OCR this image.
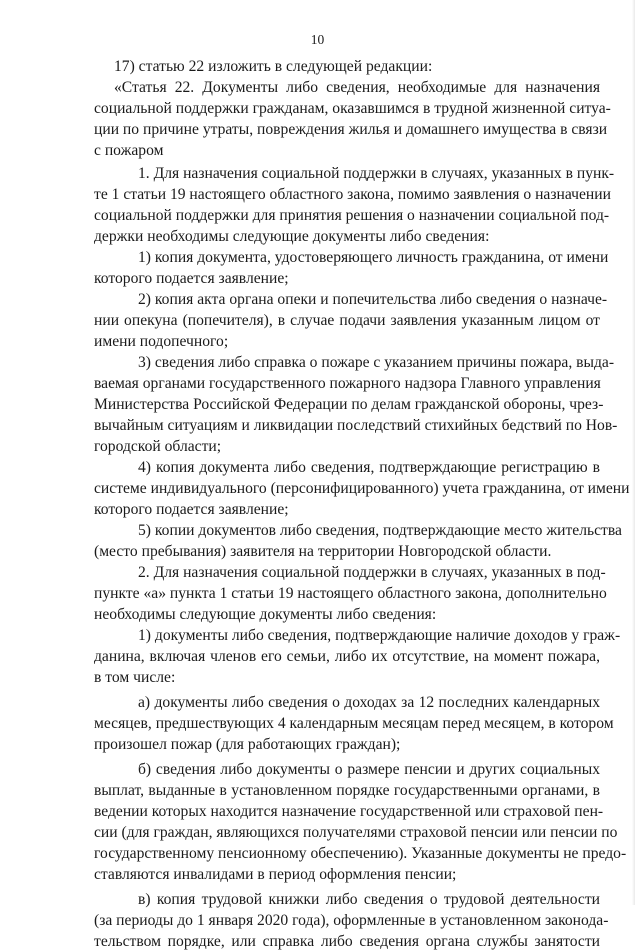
10
17) статью 22 изложить в следующей редакции:
«Статья 22. Документы либо сведения, необходимые для назначения
социальной поддержки гражданам, оказавшимся в трудной жизненной ситуа-
ции по причине утраты, повреждения жилья и домашнего имущества в связи
с пожаром
1. Для назначения социальной поддержки в случаях, указанных в пунк-
те 1 статьи 19 настоящего областного закона, помимо заявления о назначении
социальной поддержки для принятия решения о назначении социальной под-
держки необходимы следующие документы либо сведения:
1) копия документа, удостоверяющего личность гражданина, от имени
которого подается заявление;
2) копия акта органа опеки и попечительства либо сведения о назначе-
нии опекуна (попечителя), в случае подачи заявления указанным лицом от
имени подопечного;
3) сведения либо справка о пожаре с указанием причины пожара, выда-
ваемая органами государственного пожарного надзора Главного управления
Министерства Российской Федерации по делам гражданской обороны, чрез-
вычайным ситуациям и ликвидации последствий стихийных бедствий по Нов-
городской области;
4) копия документа либо сведения, подтверждающие регистрацию в
системе индивидуального (персонифицированного) учета гражданина, от имени
которого подается заявление;
5) копии документов либо сведения, подтверждающие место жительства
(место пребывания) заявителя на территории Новгородской области.
2. Для назначения социальной поддержки в случаях, указанных в под-
пункте «а» пункта 1 статьи 19 настоящего областного закона, дополнительно
необходимы следующие документы либо сведения:
1) документы либо сведения, подтверждающие наличие доходов у граж-
данина, включая членов его семьи, либо их отсутствие, на момент пожара,
в том числе:
а) документы либо сведения о доходах за 12 последних календарных
месяцев, предшествующих 4 календарным месяцам перед месяцем, в котором
произошел пожар (для работающих граждан);
б) сведения либо документы о размере пенсии и других социальных
выплат, выданные в установленном порядке государственными органами, в
ведении которых находится назначение государственной или страховой пен-
сии (для граждан, являющихся получателями страховой пенсии или пенсии по
государственному пенсионному обеспечению). Указанные документы не предо-
ставляются инвалидами в период оформления пенсии;
в) копия трудовой книжки либо сведения о трудовой деятельности
(за периоды до 1 января 2020 года), оформленные в установленном законода-
тельством порядке, или справка либо сведения органа службы занятости
